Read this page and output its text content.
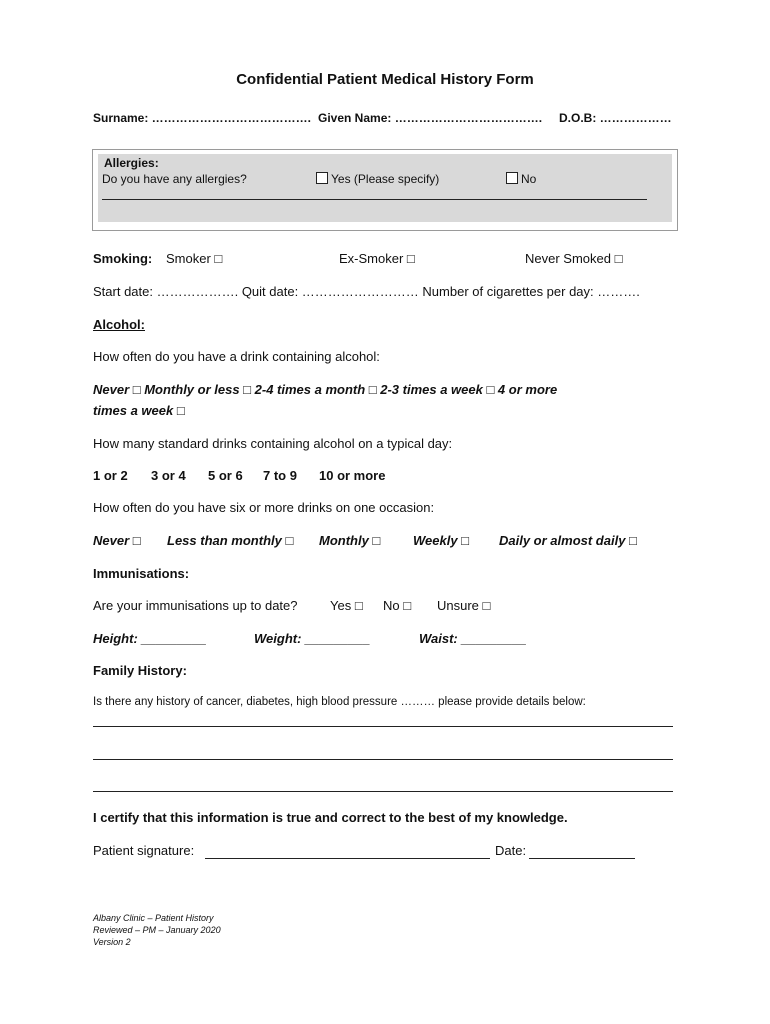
Confidential Patient Medical History Form
Surname: …………………………………. Given Name: ………………………………. D.O.B: ………………
Allergies:
Do you have any allergies?	Yes (Please specify)	No
Smoking: Smoker □	Ex-Smoker □	Never Smoked □
Start date: ………………. Quit date: ……………………… Number of cigarettes per day: ……….
Alcohol:
How often do you have a drink containing alcohol:
Never □ Monthly or less □ 2-4 times a month □ 2-3 times a week □ 4 or more
times a week □
How many standard drinks containing alcohol on a typical day:
1 or 2 3 or 4 5 or 6 7 to 9 10 or more
How often do you have six or more drinks on one occasion:
Never □ Less than monthly □ Monthly □	Weekly □ Daily or almost daily □
Immunisations:
Are your immunisations up to date?	Yes □ No □ Unsure □
Height: _________	Weight: _________	Waist: _________
Family History:
Is there any history of cancer, diabetes, high blood pressure ……… please provide details below:
I certify that this information is true and correct to the best of my knowledge.
Patient signature:	Date:
Albany Clinic – Patient History
Reviewed – PM – January 2020
Version 2
